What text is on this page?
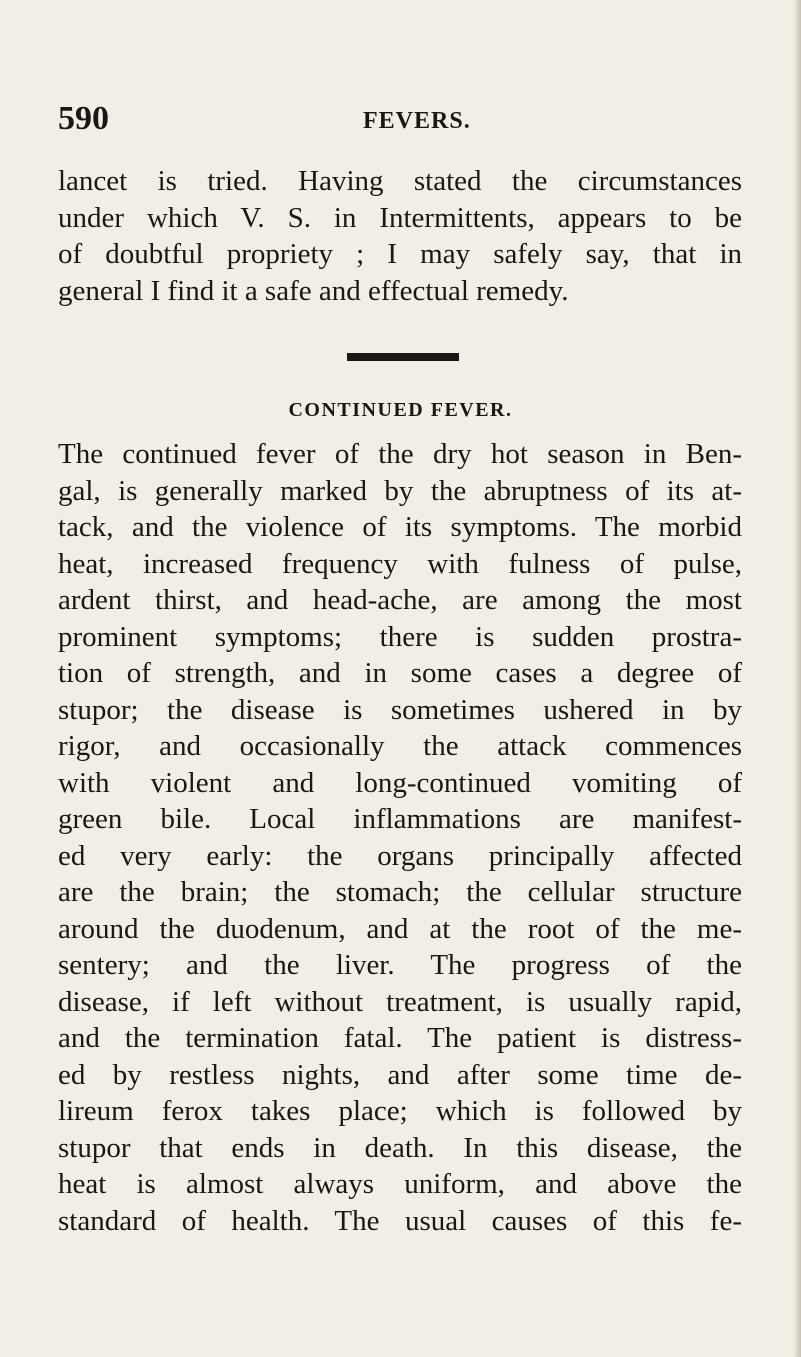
590	FEVERS.
lancet is tried. Having stated the circumstances
under which V. S. in Intermittents, appears to be
of doubtful propriety ; I may safely say, that in
general I find it a safe and effectual remedy.
CONTINUED FEVER.
The continued fever of the dry hot season in Ben-
gal, is generally marked by the abruptness of its at-
tack, and the violence of its symptoms. The morbid
heat, increased frequency with fulness of pulse,
ardent thirst, and head-ache, are among the most
prominent symptoms; there is sudden prostra-
tion of strength, and in some cases a degree of
stupor; the disease is sometimes ushered in by
rigor, and occasionally the attack commences
with violent and long-continued vomiting of
green bile. Local inflammations are manifest-
ed very early: the organs principally affected
are the brain; the stomach; the cellular structure
around the duodenum, and at the root of the me-
sentery; and the liver. The progress of the
disease, if left without treatment, is usually rapid,
and the termination fatal. The patient is distress-
ed by restless nights, and after some time de-
lireum ferox takes place; which is followed by
stupor that ends in death. In this disease, the
heat is almost always uniform, and above the
standard of health. The usual causes of this fe-
